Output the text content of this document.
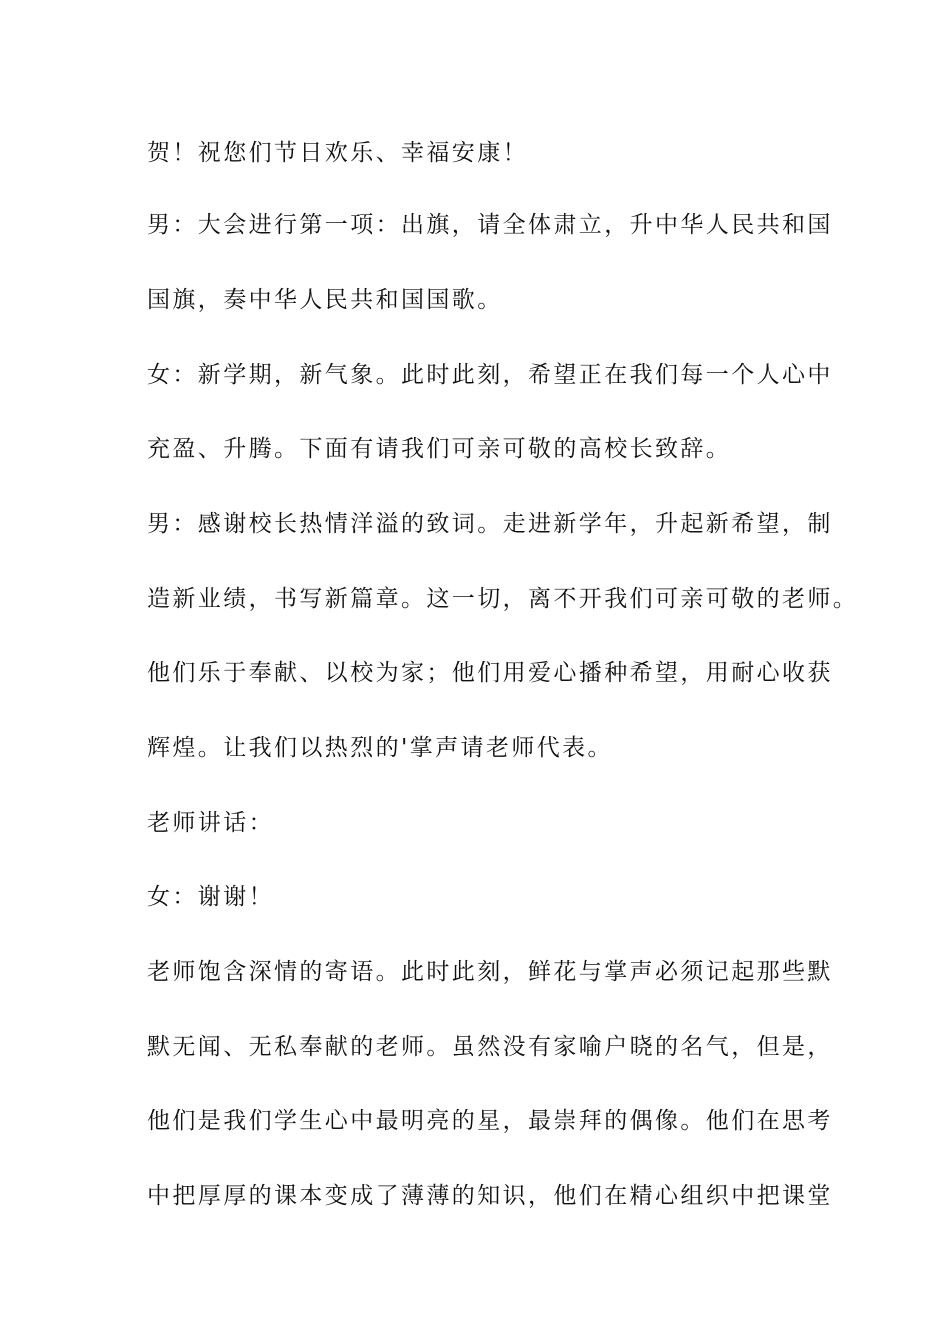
贺！祝您们节日欢乐、幸福安康！
男：大会进行第一项：出旗，请全体肃立，升中华人民共和国
国旗，奏中华人民共和国国歌。
女：新学期，新气象。此时此刻，希望正在我们每一个人心中
充盈、升腾。下面有请我们可亲可敬的高校长致辞。
男：感谢校长热情洋溢的致词。走进新学年，升起新希望，制
造新业绩，书写新篇章。这一切，离不开我们可亲可敬的老师。
他们乐于奉献、以校为家；他们用爱心播种希望，用耐心收获
辉煌。让我们以热烈的'掌声请老师代表。
老师讲话：
女：谢谢！
老师饱含深情的寄语。此时此刻，鲜花与掌声必须记起那些默
默无闻、无私奉献的老师。虽然没有家喻户晓的名气，但是，
他们是我们学生心中最明亮的星，最崇拜的偶像。他们在思考
中把厚厚的课本变成了薄薄的知识，他们在精心组织中把课堂
